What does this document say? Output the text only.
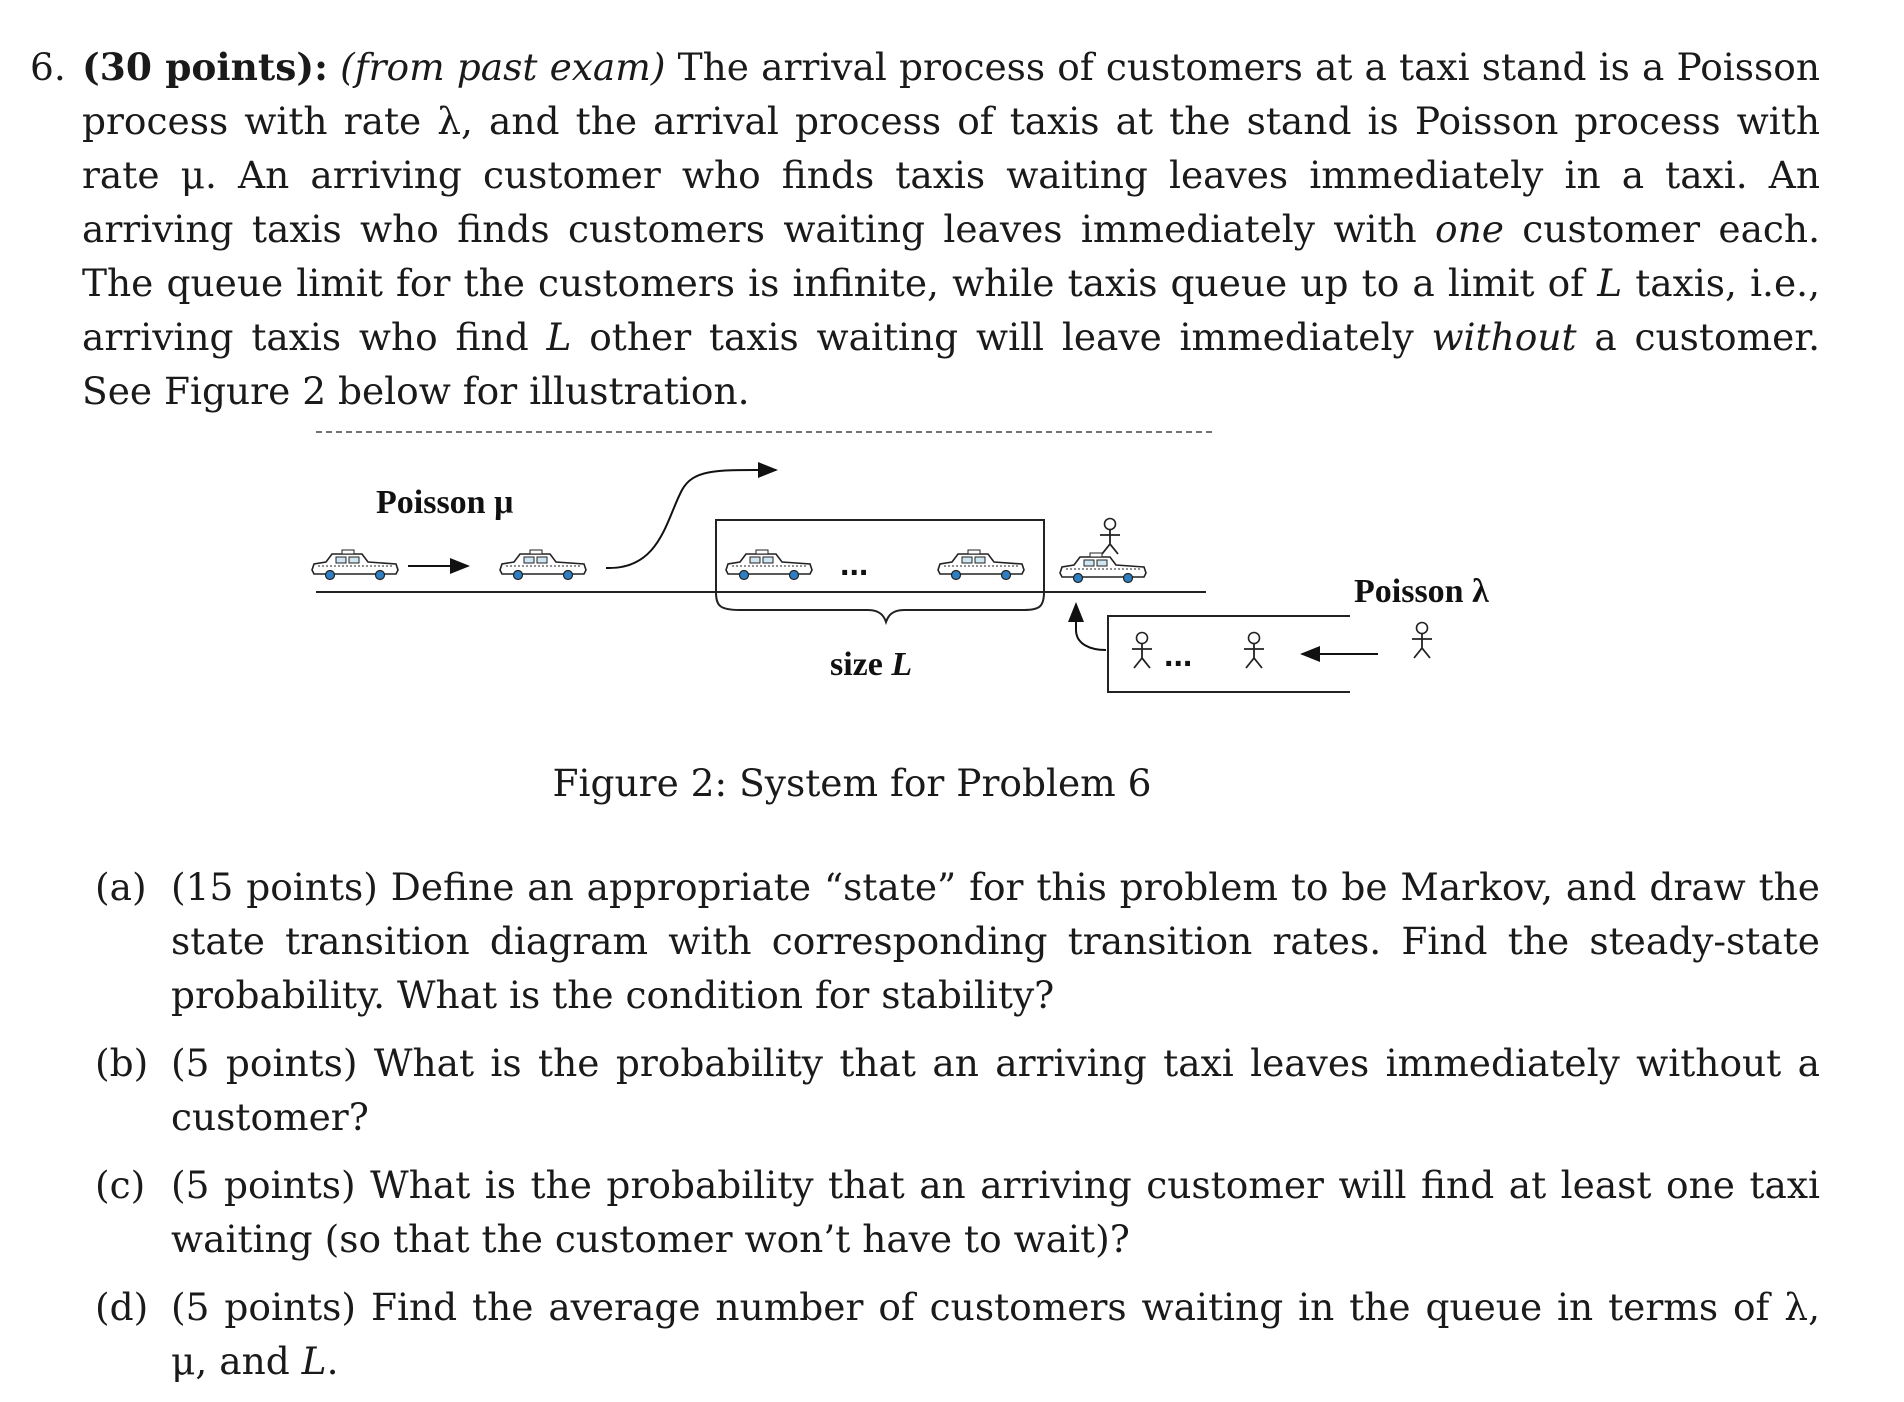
6. (30 points): (from past exam) The arrival process of customers at a taxi stand is a Poisson process with rate λ, and the arrival process of taxis at the stand is Poisson process with rate μ. An arriving customer who finds taxis waiting leaves immediately in a taxi. An arriving taxis who finds customers waiting leaves immediately with one customer each. The queue limit for the customers is infinite, while taxis queue up to a limit of L taxis, i.e., arriving taxis who find L other taxis waiting will leave immediately without a customer. See Figure 2 below for illustration.
Poisson μ
...
size L	...
Poisson λ
Figure 2: System for Problem 6
(a) (15 points) Define an appropriate “state” for this problem to be Markov, and draw the state transition diagram with corresponding transition rates. Find the steady-state probability. What is the condition for stability?
(b) (5 points) What is the probability that an arriving taxi leaves immediately without a customer?
(c) (5 points) What is the probability that an arriving customer will find at least one taxi waiting (so that the customer won’t have to wait)?
(d) (5 points) Find the average number of customers waiting in the queue in terms of λ, μ, and L.
